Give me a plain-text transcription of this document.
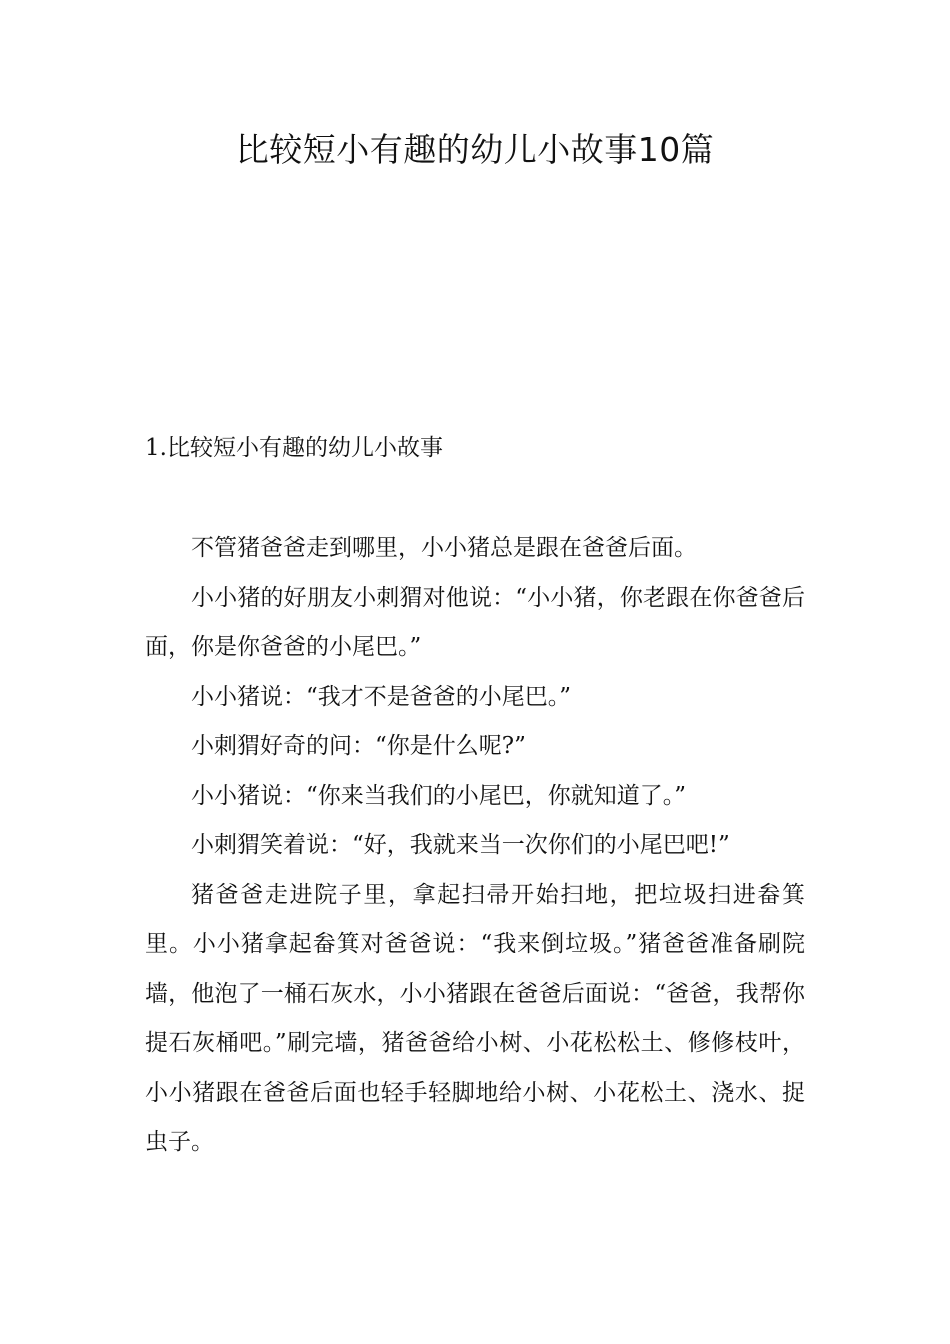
比较短小有趣的幼儿小故事10篇
1.比较短小有趣的幼儿小故事

不管猪爸爸走到哪里，小小猪总是跟在爸爸后面。

小小猪的好朋友小刺猬对他说：“小小猪，你老跟在你爸爸后面，你是你爸爸的小尾巴。”

小小猪说：“我才不是爸爸的小尾巴。”

小刺猬好奇的问：“你是什么呢?”

小小猪说：“你来当我们的小尾巴，你就知道了。”

小刺猬笑着说：“好，我就来当一次你们的小尾巴吧!”

猪爸爸走进院子里，拿起扫帚开始扫地，把垃圾扫进畚箕里。小小猪拿起畚箕对爸爸说：“我来倒垃圾。”猪爸爸准备刷院墙，他泡了一桶石灰水，小小猪跟在爸爸后面说：“爸爸，我帮你提石灰桶吧。”刷完墙，猪爸爸给小树、小花松松土、修修枝叶，小小猪跟在爸爸后面也轻手轻脚地给小树、小花松土、浇水、捉虫子。
